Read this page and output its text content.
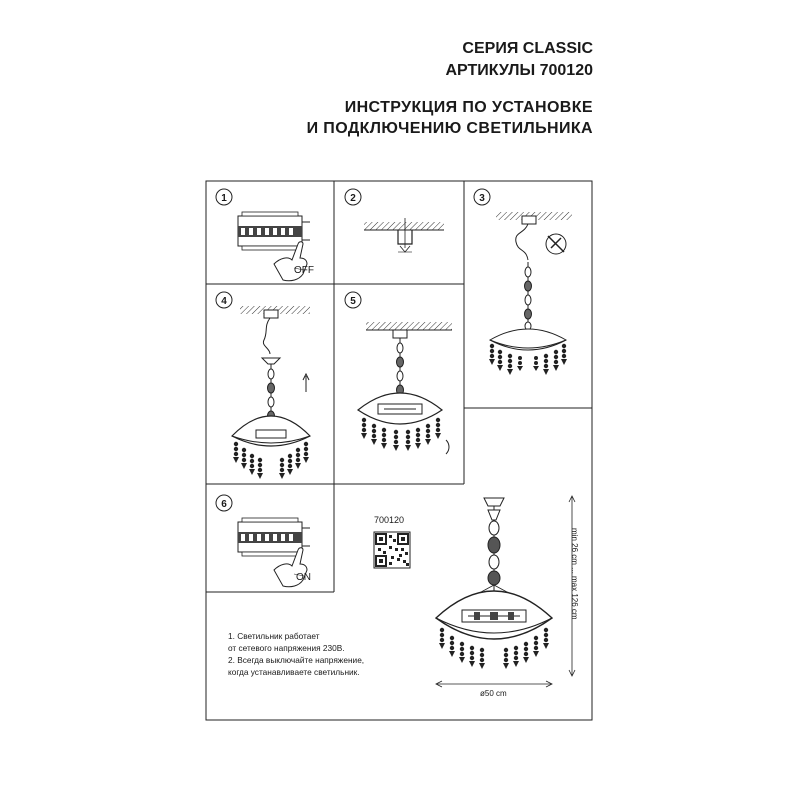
СЕРИЯ CLASSIC
АРТИКУЛЫ 700120
ИНСТРУКЦИЯ ПО УСТАНОВКЕ
И ПОДКЛЮЧЕНИЮ СВЕТИЛЬНИКА
1
OFF
2	3
4	5
6
ON
700120
min 26 cm ... max 126 cm
ø50 cm
1. Светильник работает
от сетевого напряжения 230В.
2. Всегда выключайте напряжение,
когда устанавливаете светильник.
